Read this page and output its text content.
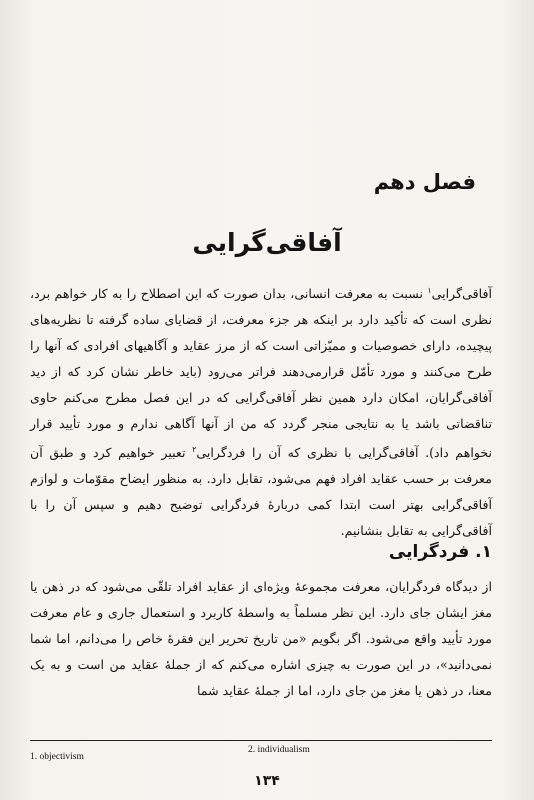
فصل دهم
آفاقی‌گرایی

آفاقی‌گرایی$^۱$ نسبت به معرفت انسانی، بدان صورت که این اصطلاح را به کار خواهم برد، نظری است که تأکید دارد بر اینکه هر جزء معرفت، از قضایای ساده گرفته تا نظریه‌های پیچیده، دارای خصوصیات و ممیّزاتی است که از مرز عقاید و آگاهیهای افرادی که آنها را طرح می‌کنند و مورد تأمّل قرارمی‌دهند فراتر می‌رود (باید خاطر نشان کرد که از دید آفاقی‌گرایان، امکان دارد همین نظر آفاقی‌گرایی که در این فصل مطرح می‌کنم حاوی تناقضاتی باشد یا به نتایجی منجر گردد که من از آنها آگاهی ندارم و مورد تأیید قرار نخواهم داد). آفاقی‌گرایی با نظری که آن را فردگرایی$^۲$ تعبیر خواهیم کرد و طبق آن معرفت بر حسب عقاید افراد فهم می‌شود، تقابل دارد. به منظور ایضاح مقوّمات و لوازم آفاقی‌گرایی بهتر است ابتدا کمی دربارهٔ فردگرایی توضیح دهیم و سپس آن را با آفاقی‌گرایی به تقابل بنشانیم.

۱. فردگرایی

از دیدگاه فردگرایان، معرفت مجموعهٔ ویژه‌ای از عقاید افراد تلقّی می‌شود که در ذهن یا مغز ایشان جای دارد. این نظر مسلماً به واسطهٔ کاربرد و استعمال جاری و عام معرفت مورد تأیید واقع می‌شود. اگر بگویم «من تاریخ تحریر این فقرهٔ خاص را می‌دانم، اما شما نمی‌دانید»، در این صورت به چیزی اشاره می‌کنم که از جملهٔ عقاید من است و به یک معنا، در ذهن یا مغز من جای دارد، اما از جملهٔ عقاید شما

1. objectivism
2. individualism
۱۳۴
